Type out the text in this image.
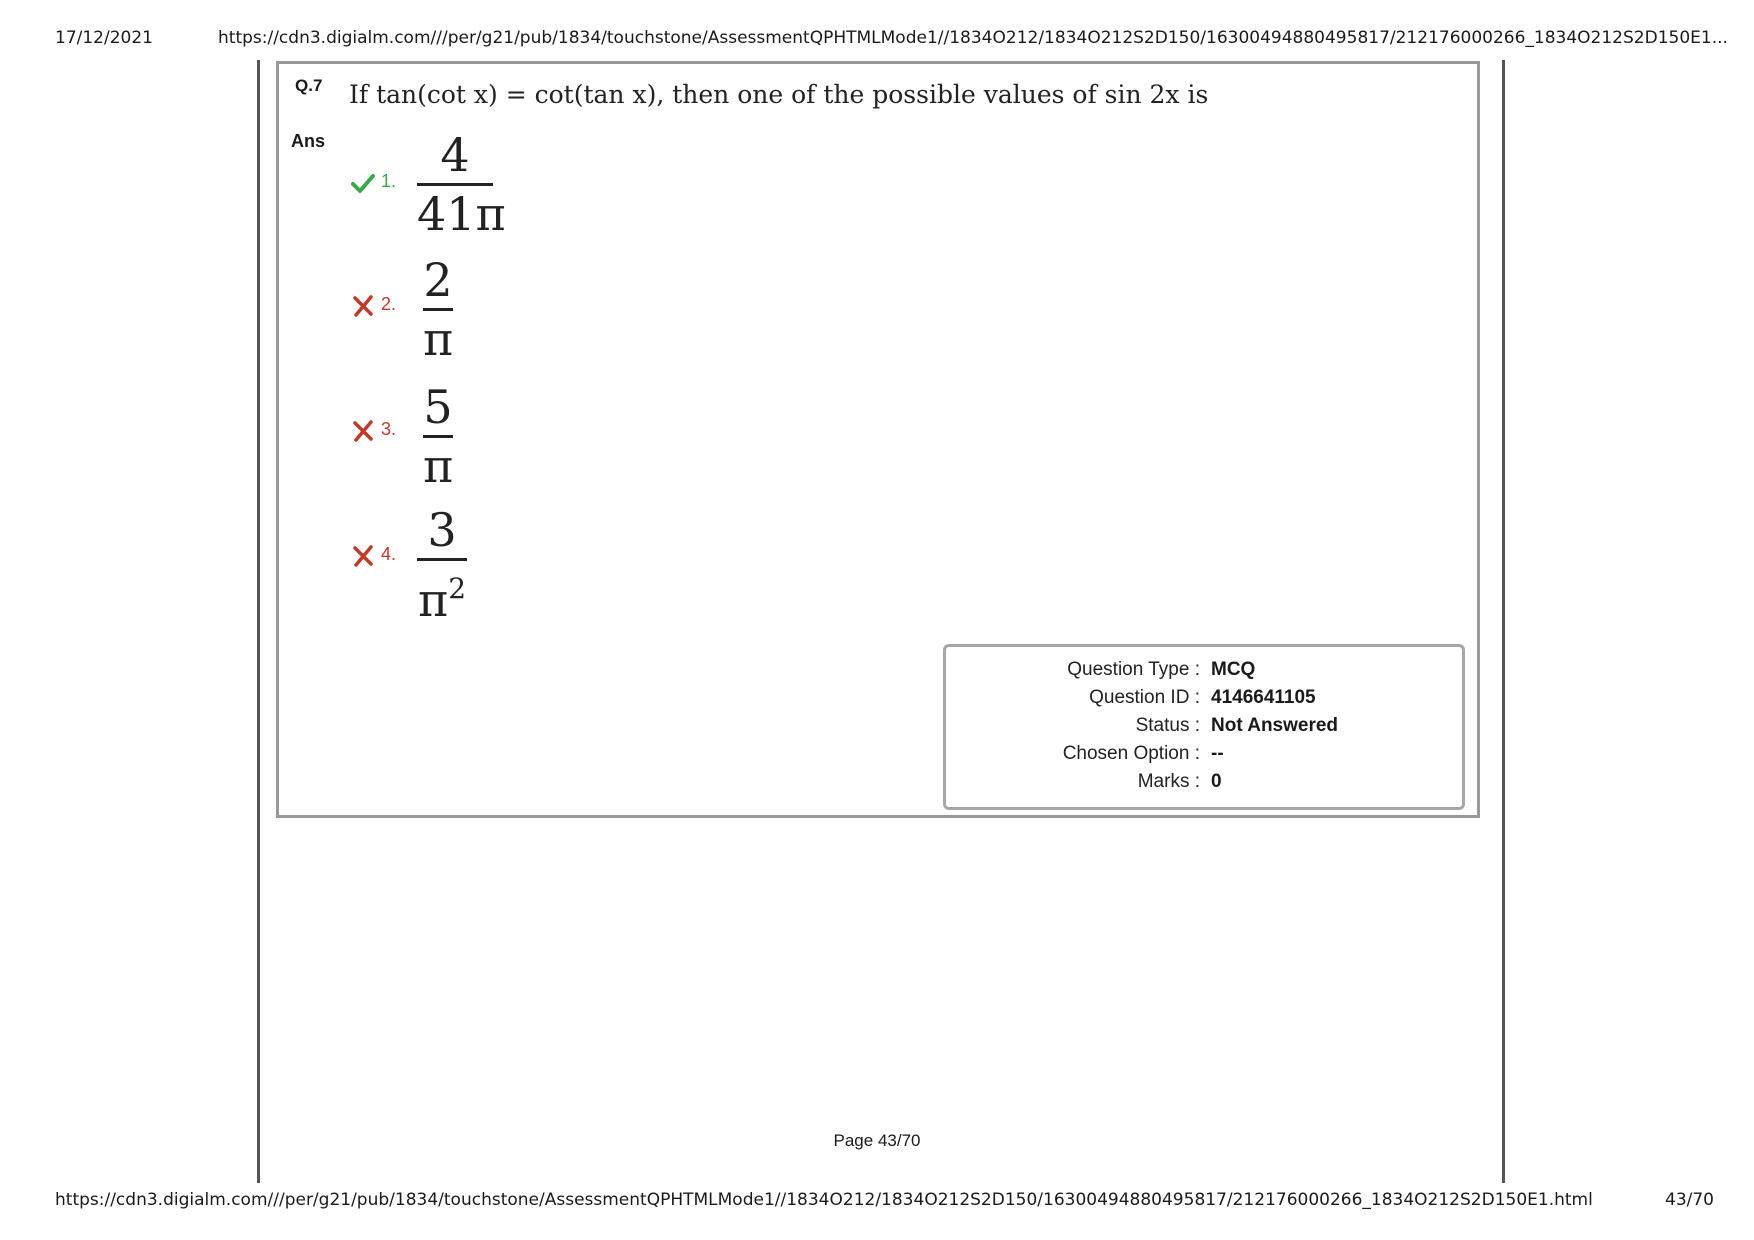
17/12/2021	https://cdn3.digialm.com///per/g21/pub/1834/touchstone/AssessmentQPHTMLMode1//1834O212/1834O212S2D150/16300494880495817/212176000266_1834O212S2D150E1...
Q.7 If tan(cot x) = cot(tan x), then one of the possible values of sin 2x is
Ans
1. 4
41π
2. 2
π
3. 5
π
4. 3
$\pi^2$
Question Type : MCQ
Question ID : 4146641105
Status : Not Answered
Chosen Option : --
Marks : 0
Page 43/70
https://cdn3.digialm.com///per/g21/pub/1834/touchstone/AssessmentQPHTMLMode1//1834O212/1834O212S2D150/16300494880495817/212176000266_1834O212S2D150E1.html	43/70
